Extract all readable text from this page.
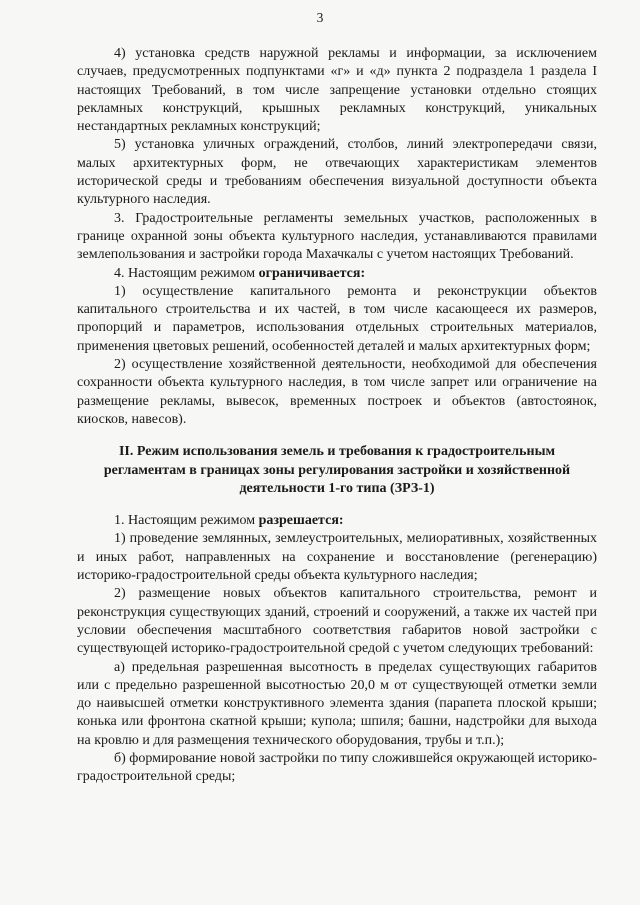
3

4) установка средств наружной рекламы и информации, за исключением случаев, предусмотренных подпунктами «г» и «д» пункта 2 подраздела 1 раздела I настоящих Требований, в том числе запрещение установки отдельно стоящих рекламных конструкций, крышных рекламных конструкций, уникальных нестандартных рекламных конструкций;

5) установка уличных ограждений, столбов, линий электропередачи связи, малых архитектурных форм, не отвечающих характеристикам элементов исторической среды и требованиям обеспечения визуальной доступности объекта культурного наследия.

3. Градостроительные регламенты земельных участков, расположенных в границе охранной зоны объекта культурного наследия, устанавливаются правилами землепользования и застройки города Махачкалы с учетом настоящих Требований.

4. Настоящим режимом ограничивается:

1) осуществление капитального ремонта и реконструкции объектов капитального строительства и их частей, в том числе касающееся их размеров, пропорций и параметров, использования отдельных строительных материалов, применения цветовых решений, особенностей деталей и малых архитектурных форм;

2) осуществление хозяйственной деятельности, необходимой для обеспечения сохранности объекта культурного наследия, в том числе запрет или ограничение на размещение рекламы, вывесок, временных построек и объектов (автостоянок, киосков, навесов).

II. Режим использования земель и требования к градостроительным регламентам в границах зоны регулирования застройки и хозяйственной деятельности 1-го типа (ЗРЗ-1)

1. Настоящим режимом разрешается:

1) проведение землянных, землеустроительных, мелиоративных, хозяйственных и иных работ, направленных на сохранение и восстановление (регенерацию) историко-градостроительной среды объекта культурного наследия;

2) размещение новых объектов капитального строительства, ремонт и реконструкция существующих зданий, строений и сооружений, а также их частей при условии обеспечения масштабного соответствия габаритов новой застройки с существующей историко-градостроительной средой с учетом следующих требований:

а) предельная разрешенная высотность в пределах существующих габаритов или с предельно разрешенной высотностью 20,0 м от существующей отметки земли до наивысшей отметки конструктивного элемента здания (парапета плоской крыши; конька или фронтона скатной крыши; купола; шпиля; башни, надстройки для выхода на кровлю и для размещения технического оборудования, трубы и т.п.);

б) формирование новой застройки по типу сложившейся окружающей историко-градостроительной среды;
